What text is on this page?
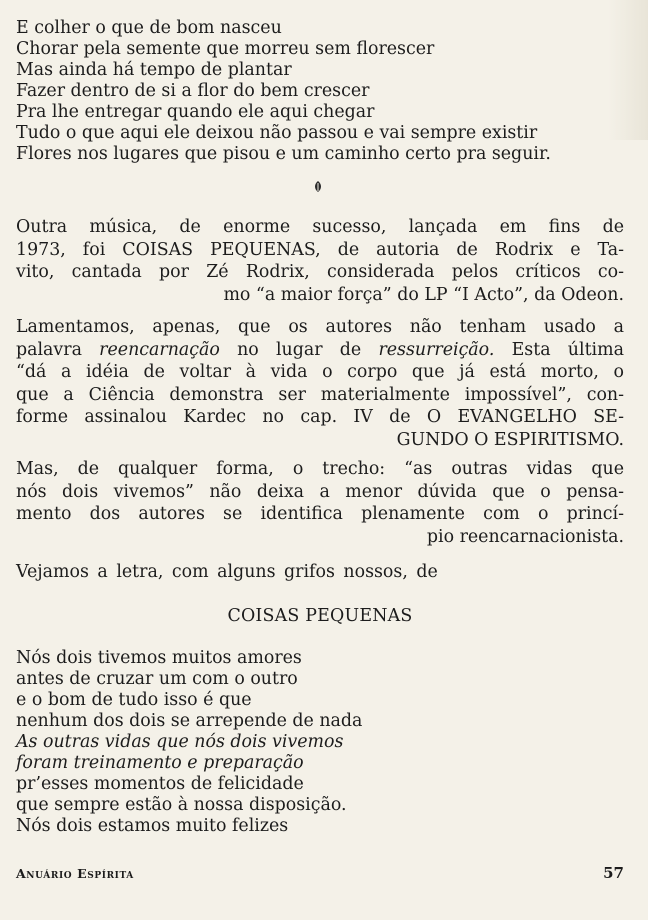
E colher o que de bom nasceu
Chorar pela semente que morreu sem florescer
Mas ainda há tempo de plantar
Fazer dentro de si a flor do bem crescer
Pra lhe entregar quando ele aqui chegar
Tudo o que aqui ele deixou não passou e vai sempre existir
Flores nos lugares que pisou e um caminho certo pra seguir.
Outra música, de enorme sucesso, lançada em fins de
1973, foi COISAS PEQUENAS, de autoria de Rodrix e Ta-
vito, cantada por Zé Rodrix, considerada pelos críticos co-
mo “a maior força” do LP “I Acto”, da Odeon.
Lamentamos, apenas, que os autores não tenham usado a
palavra reencarnação no lugar de ressurreição. Esta última
“dá a idéia de voltar à vida o corpo que já está morto, o
que a Ciência demonstra ser materialmente impossível”, con-
forme assinalou Kardec no cap. IV de O EVANGELHO SE-
GUNDO O ESPIRITISMO.
Mas, de qualquer forma, o trecho: “as outras vidas que
nós dois vivemos” não deixa a menor dúvida que o pensa-
mento dos autores se identifica plenamente com o princí-
pio reencarnacionista.
Vejamos a letra, com alguns grifos nossos, de
COISAS PEQUENAS
Nós dois tivemos muitos amores
antes de cruzar um com o outro
e o bom de tudo isso é que
nenhum dos dois se arrepende de nada
As outras vidas que nós dois vivemos
foram treinamento e preparação
pr’esses momentos de felicidade
que sempre estão à nossa disposição.
Nós dois estamos muito felizes
Anuário Espírita	57
